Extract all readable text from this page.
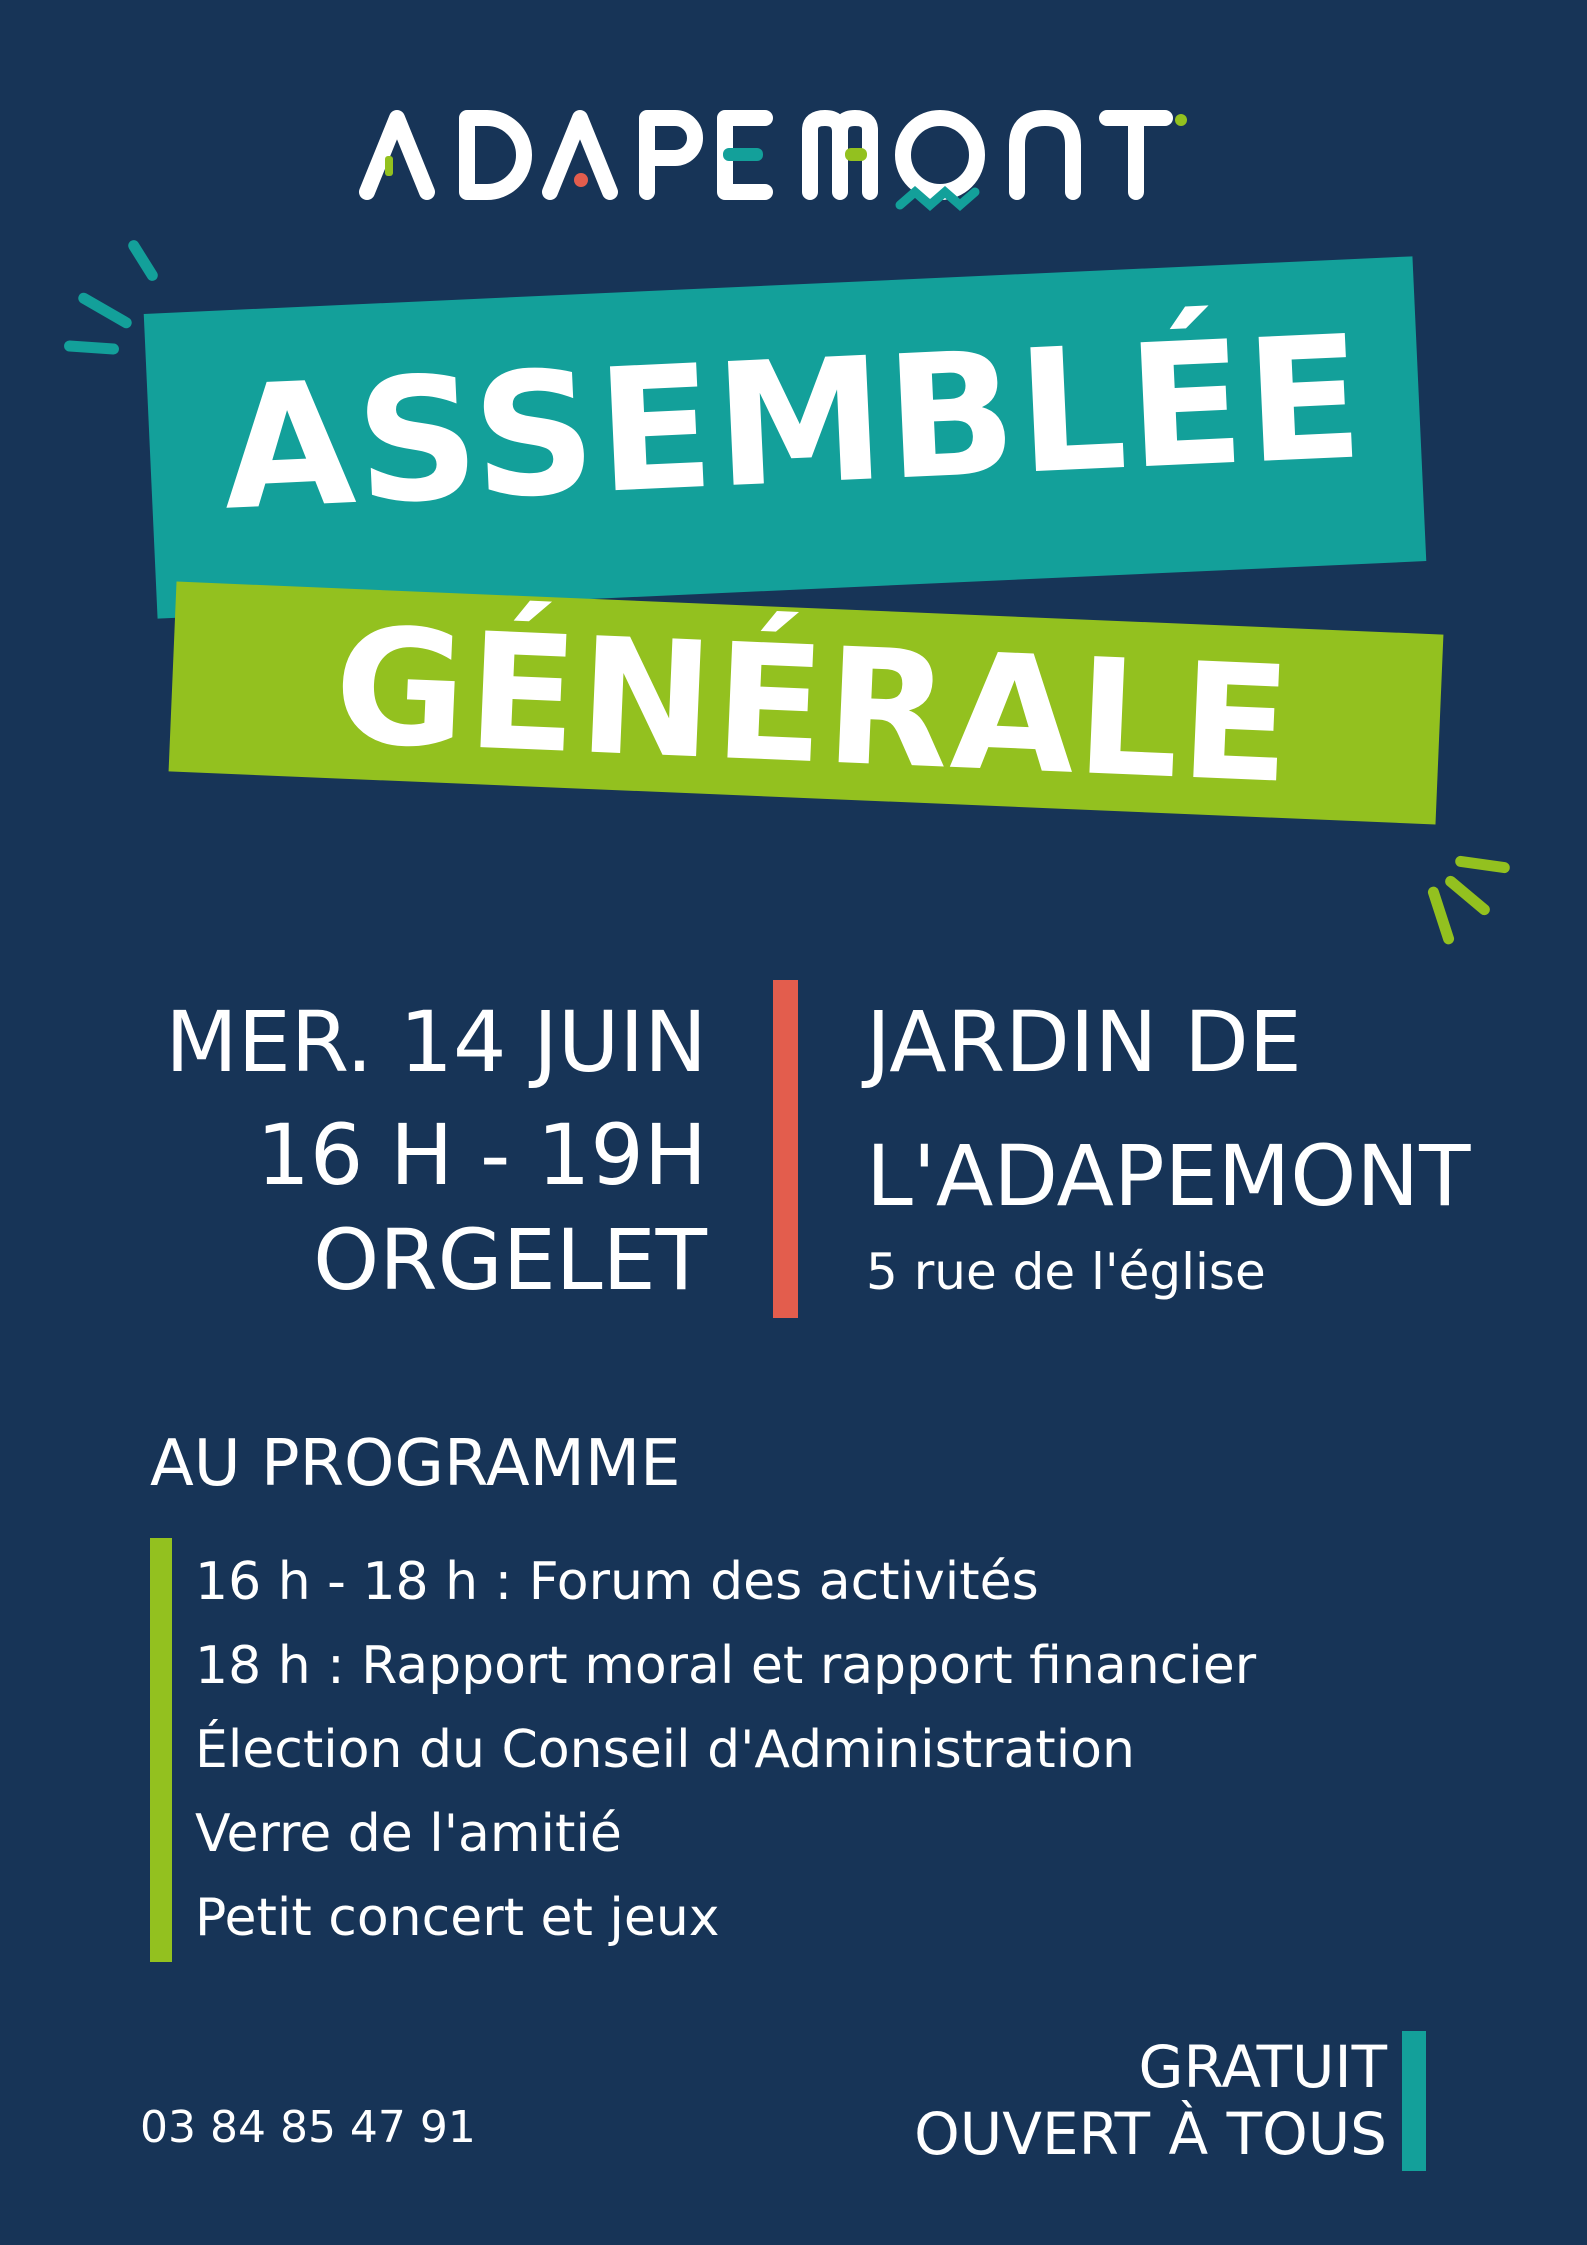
ASSEMBLÉE
GÉNÉRALE
MER. 14 JUIN
16 H - 19H
ORGELET
JARDIN DE
L'ADAPEMONT
5 rue de l'église
AU PROGRAMME
16 h - 18 h : Forum des activités
18 h : Rapport moral et rapport financier
Élection du Conseil d'Administration
Verre de l'amitié
Petit concert et jeux
03 84 85 47 91
GRATUIT
OUVERT À TOUS
